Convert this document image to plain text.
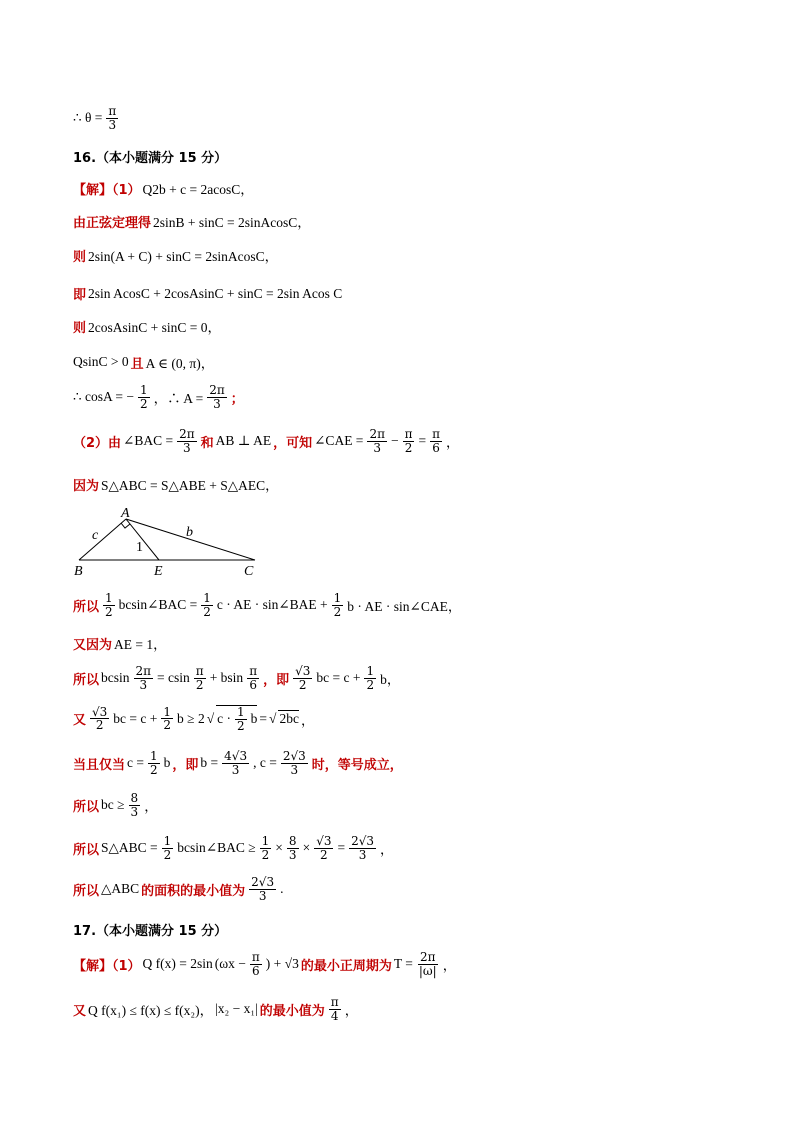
∴ $\theta = \frac{\pi}{3}$
16.（本小题满分 15 分）
【解】（1） Q2b + c = 2acosC，
由正弦定理得 2sinB + sinC = 2sinAcosC，
则 2sin(A + C) + sinC = 2sinAcosC，
即 2sin AcosC + 2cosAsinC + sinC = 2sin Acos C
则 2cosAsinC + sinC = 0，
QsinC > 0 且 A ∈ (0, π)，
∴ cosA = − $\frac{1}{2}$ ，∴ $A = \frac{2\pi}{3}$ ；
（2）由 ∠BAC = $\frac{2\pi}{3}$ 和 AB ⊥ AE ，可知 ∠CAE = $\frac{2\pi}{3} - \frac{\pi}{2} = \frac{\pi}{6}$ ，
因为 S△ABC = S△ABE + S△AEC，
A
B	E	C
c	b
1
所以 $\frac{1}{2}$ bcsin∠BAC = $\frac{1}{2}$ c · AE · sin∠BAE + $\frac{1}{2}$ b · AE · sin∠CAE，
又因为 AE = 1，
所以 bcsin $\frac{2\pi}{3} = csin \frac{\pi}{2} + bsin \frac{\pi}{6}$ ，即 $\frac{√3}{2}$ bc = $c + \frac{1}{2}$ b，
又 $\frac{√3}{2}$ bc = $c + \frac{1}{2}$ b ≥ 2 √ $c \cdot \frac{1}{2}$ b = √ 2bc ，
当且仅当 $c = \frac{1}{2}$ b ，即 $b = \frac{4√3}{3}$ , $c = \frac{2√3}{3}$ 时，等号成立，
所以 bc ≥ $\frac{8}{3}$ ，
所以 S△ABC = $\frac{1}{2}$ bcsin∠BAC ≥ $\frac{1}{2} \times \frac{8}{3} \times \frac{√3}{2} = \frac{2√3}{3}$ ，
所以 △ABC 的面积的最小值为 $\frac{2√3}{3}$ .
17.（本小题满分 15 分）
【解】（1） Q f(x) = 2sin ($\omega x - \frac{\pi}{6}$ ) + √3 的最小正周期为 $T = \frac{2\pi}{|\omega|}$ ，
又 Q f(x₁) ≤ f(x) ≤ f(x₂)， |x₂ − x₁| 的最小值为 $\frac{\pi}{4}$ ，
